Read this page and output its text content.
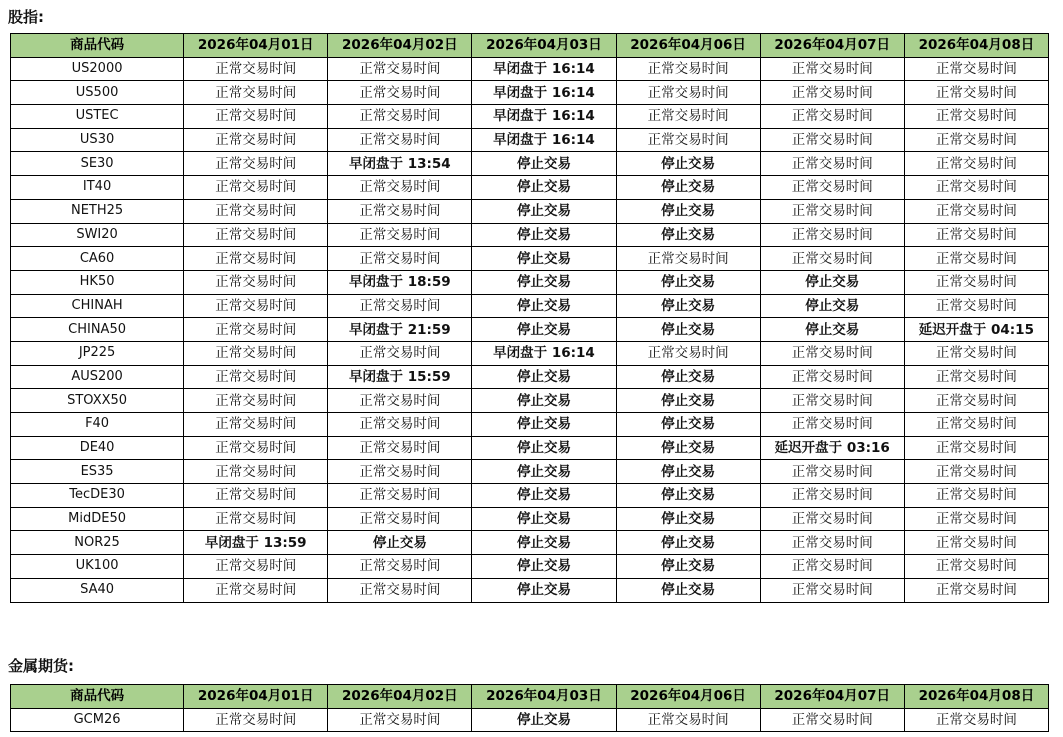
股指:
商品代码	2026年04月01日	2026年04月02日	2026年04月03日	2026年04月06日	2026年04月07日	2026年04月08日
US2000	正常交易时间	正常交易时间	早闭盘于 16:14	正常交易时间	正常交易时间	正常交易时间
US500	正常交易时间	正常交易时间	早闭盘于 16:14	正常交易时间	正常交易时间	正常交易时间
USTEC	正常交易时间	正常交易时间	早闭盘于 16:14	正常交易时间	正常交易时间	正常交易时间
US30	正常交易时间	正常交易时间	早闭盘于 16:14	正常交易时间	正常交易时间	正常交易时间
SE30	正常交易时间	早闭盘于 13:54	停止交易	停止交易	正常交易时间	正常交易时间
IT40	正常交易时间	正常交易时间	停止交易	停止交易	正常交易时间	正常交易时间
NETH25	正常交易时间	正常交易时间	停止交易	停止交易	正常交易时间	正常交易时间
SWI20	正常交易时间	正常交易时间	停止交易	停止交易	正常交易时间	正常交易时间
CA60	正常交易时间	正常交易时间	停止交易	正常交易时间	正常交易时间	正常交易时间
HK50	正常交易时间	早闭盘于 18:59	停止交易	停止交易	停止交易	正常交易时间
CHINAH	正常交易时间	正常交易时间	停止交易	停止交易	停止交易	正常交易时间
CHINA50	正常交易时间	早闭盘于 21:59	停止交易	停止交易	停止交易	延迟开盘于 04:15
JP225	正常交易时间	正常交易时间	早闭盘于 16:14	正常交易时间	正常交易时间	正常交易时间
AUS200	正常交易时间	早闭盘于 15:59	停止交易	停止交易	正常交易时间	正常交易时间
STOXX50	正常交易时间	正常交易时间	停止交易	停止交易	正常交易时间	正常交易时间
F40	正常交易时间	正常交易时间	停止交易	停止交易	正常交易时间	正常交易时间
DE40	正常交易时间	正常交易时间	停止交易	停止交易	延迟开盘于 03:16	正常交易时间
ES35	正常交易时间	正常交易时间	停止交易	停止交易	正常交易时间	正常交易时间
TecDE30	正常交易时间	正常交易时间	停止交易	停止交易	正常交易时间	正常交易时间
MidDE50	正常交易时间	正常交易时间	停止交易	停止交易	正常交易时间	正常交易时间
NOR25	早闭盘于 13:59	停止交易	停止交易	停止交易	正常交易时间	正常交易时间
UK100	正常交易时间	正常交易时间	停止交易	停止交易	正常交易时间	正常交易时间
SA40	正常交易时间	正常交易时间	停止交易	停止交易	正常交易时间	正常交易时间
金属期货:
商品代码	2026年04月01日	2026年04月02日	2026年04月03日	2026年04月06日	2026年04月07日	2026年04月08日
GCM26	正常交易时间	正常交易时间	停止交易	正常交易时间	正常交易时间	正常交易时间
